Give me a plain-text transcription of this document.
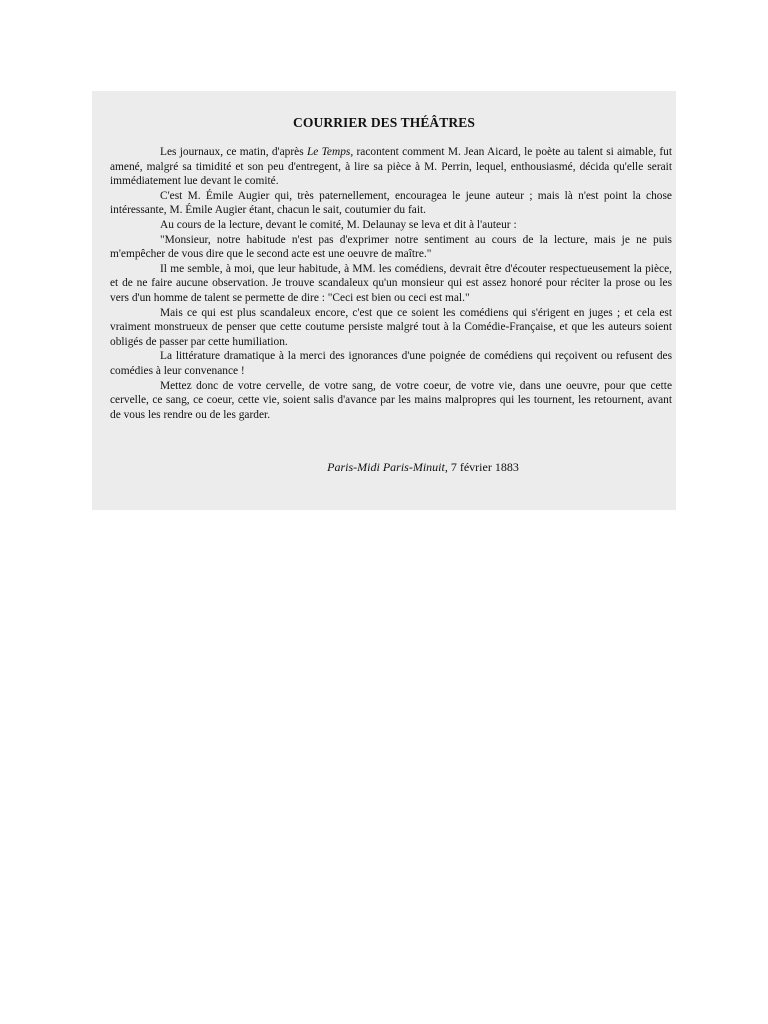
COURRIER DES THÉÂTRES

Les journaux, ce matin, d'après Le Temps, racontent comment M. Jean Aicard, le poète au talent si aimable, fut amené, malgré sa timidité et son peu d'entregent, à lire sa pièce à M. Perrin, lequel, enthousiasmé, décida qu'elle serait immédiatement lue devant le comité.

C'est M. Émile Augier qui, très paternellement, encouragea le jeune auteur ; mais là n'est point la chose intéressante, M. Émile Augier étant, chacun le sait, coutumier du fait.

Au cours de la lecture, devant le comité, M. Delaunay se leva et dit à l'auteur :

"Monsieur, notre habitude n'est pas d'exprimer notre sentiment au cours de la lecture, mais je ne puis m'empêcher de vous dire que le second acte est une oeuvre de maître."

Il me semble, à moi, que leur habitude, à MM. les comédiens, devrait être d'écouter respectueusement la pièce, et de ne faire aucune observation. Je trouve scandaleux qu'un monsieur qui est assez honoré pour réciter la prose ou les vers d'un homme de talent se permette de dire : "Ceci est bien ou ceci est mal."

Mais ce qui est plus scandaleux encore, c'est que ce soient les comédiens qui s'érigent en juges ; et cela est vraiment monstrueux de penser que cette coutume persiste malgré tout à la Comédie-Française, et que les auteurs soient obligés de passer par cette humiliation.

La littérature dramatique à la merci des ignorances d'une poignée de comédiens qui reçoivent ou refusent des comédies à leur convenance !

Mettez donc de votre cervelle, de votre sang, de votre coeur, de votre vie, dans une oeuvre, pour que cette cervelle, ce sang, ce coeur, cette vie, soient salis d'avance par les mains malpropres qui les tournent, les retournent, avant de vous les rendre ou de les garder.

Paris-Midi Paris-Minuit, 7 février 1883
